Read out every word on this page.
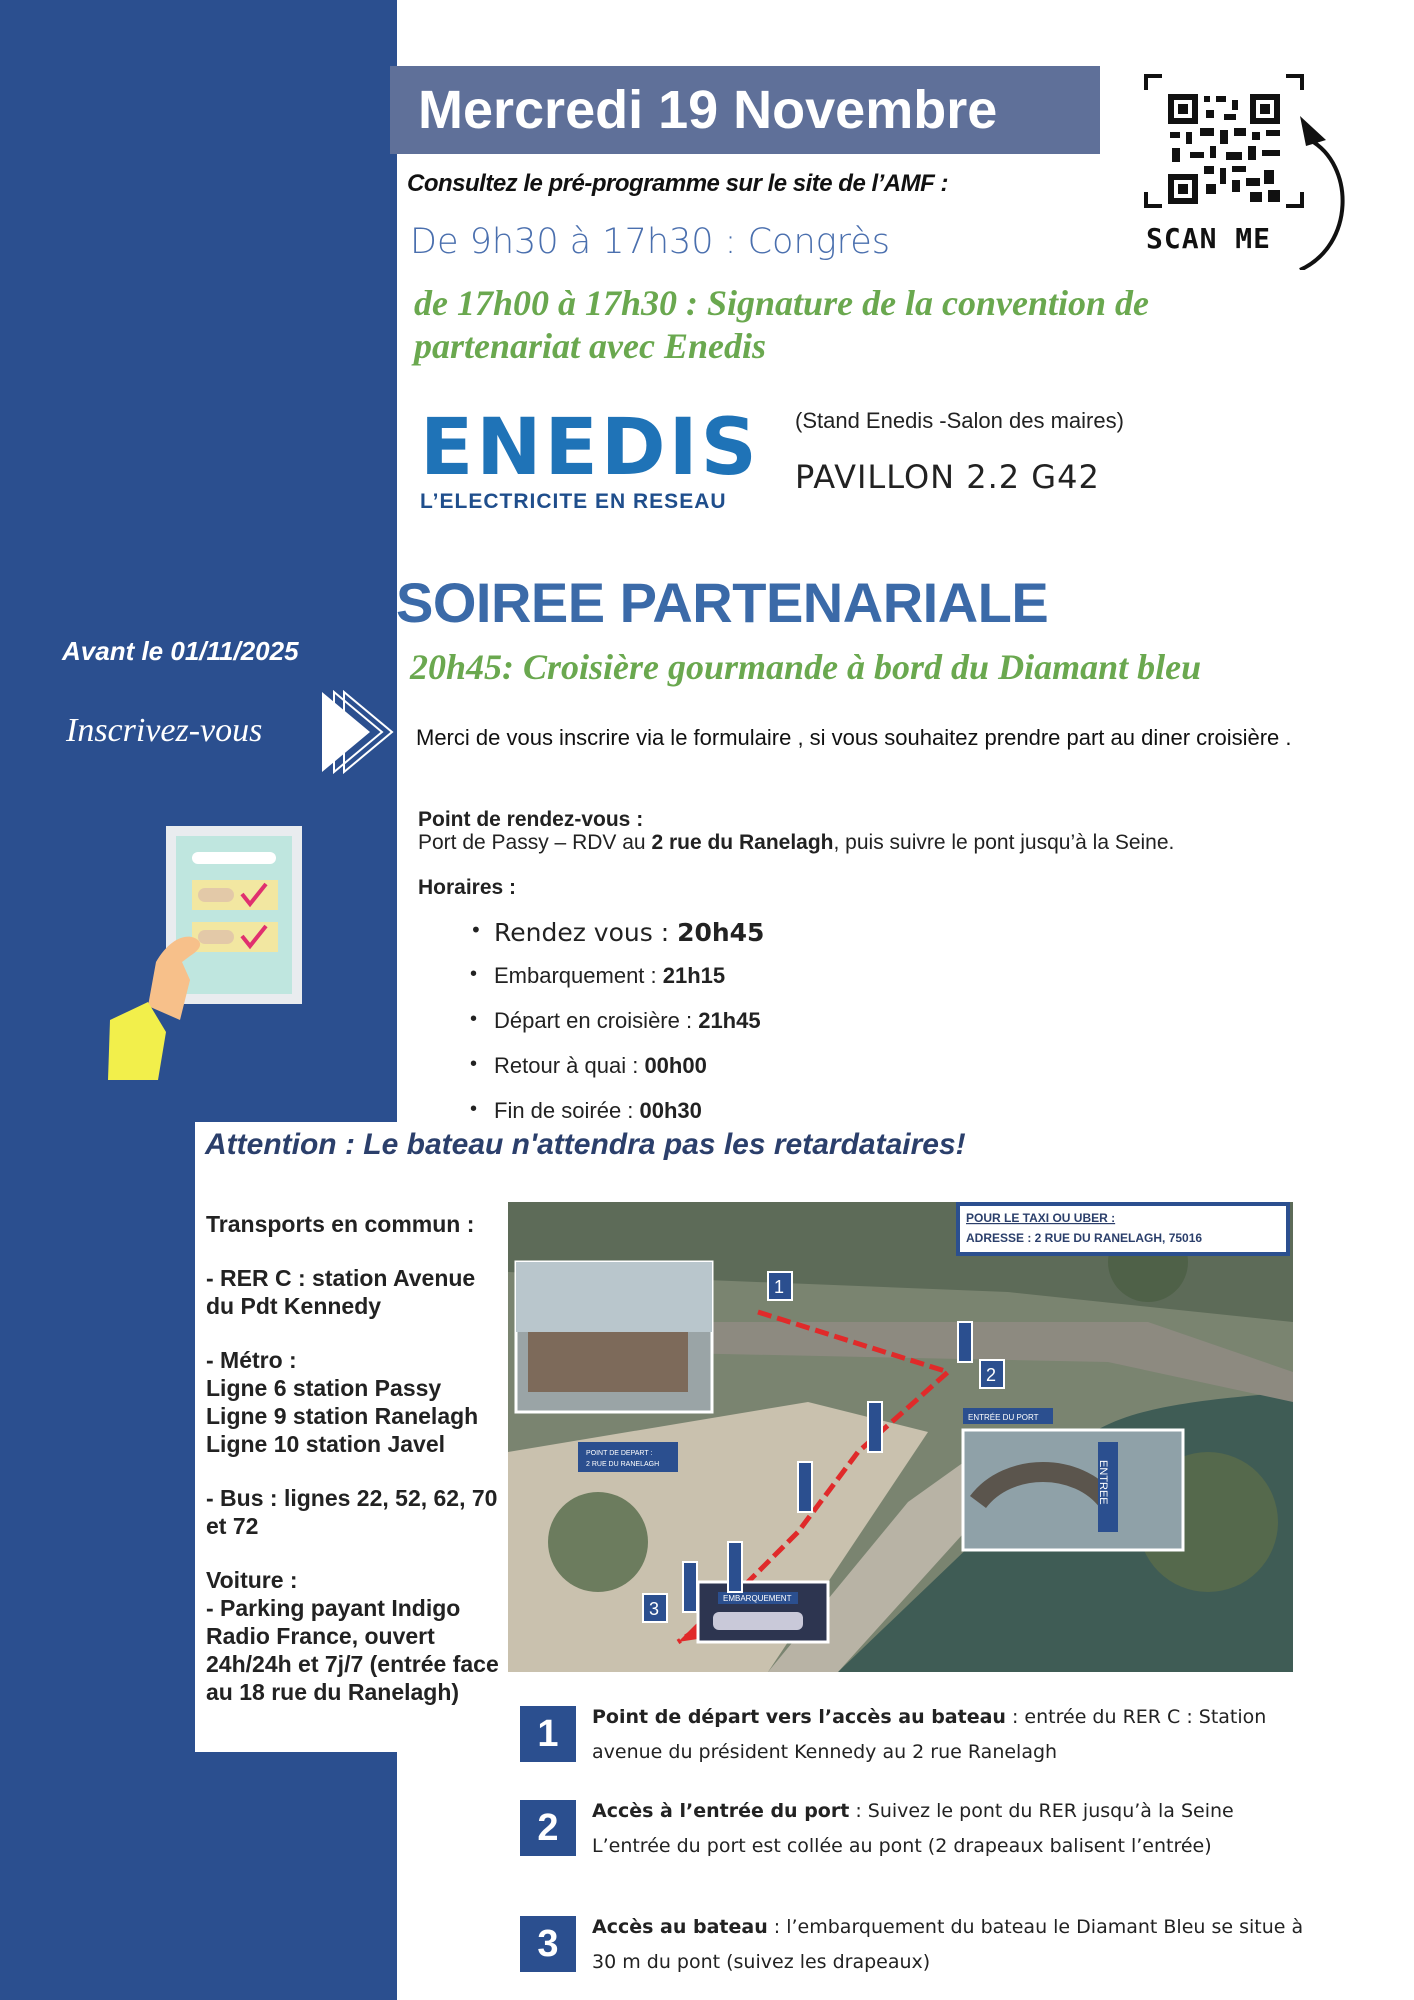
Mercredi 19 Novembre
Consultez le pré-programme sur le site de l’AMF :
De 9h30 à 17h30 : Congrès
de 17h00 à 17h30 : Signature de la convention de partenariat avec Enedis
SCAN ME
ENEDIS
L’ELECTRICITE EN RESEAU
(Stand Enedis -Salon des maires)
PAVILLON 2.2 G42
SOIREE PARTENARIALE
20h45: Croisière gourmande à bord du Diamant bleu
Avant le 01/11/2025
Inscrivez-vous	Merci de vous inscrire via le formulaire , si vous souhaitez prendre part au diner croisière .
Point de rendez-vous :
Port de Passy – RDV au 2 rue du Ranelagh, puis suivre le pont jusqu’à la Seine.
Horaires :
• Rendez vous : 20h45
• Embarquement : 21h15
• Départ en croisière : 21h45
• Retour à quai : 00h00
• Fin de soirée : 00h30
Attention : Le bateau n'attendra pas les retardataires!

Transports en commun :

- RER C : station Avenue du Pdt Kennedy

- Métro :
Ligne 6 station Passy
Ligne 9 station Ranelagh
Ligne 10 station Javel

- Bus : lignes 22, 52, 62, 70 et 72

Voiture :
- Parking payant Indigo Radio France, ouvert 24h/24h et 7j/7 (entrée face au 18 rue du Ranelagh)

POINT DE DEPART :
2 RUE DU RANELAGH
ENTRÉE DU PORT
ENTREE
EMBARQUEMENT
POUR LE TAXI OU UBER :
ADRESSE : 2 RUE DU RANELAGH, 75016
1
2
3
1	Point de départ vers l’accès au bateau : entrée du RER C : Station avenue du président Kennedy au 2 rue Ranelagh
2	Accès à l’entrée du port : Suivez le pont du RER jusqu’à la Seine L’entrée du port est collée au pont (2 drapeaux balisent l’entrée)
3	Accès au bateau : l’embarquement du bateau le Diamant Bleu se situe à 30 m du pont (suivez les drapeaux)
